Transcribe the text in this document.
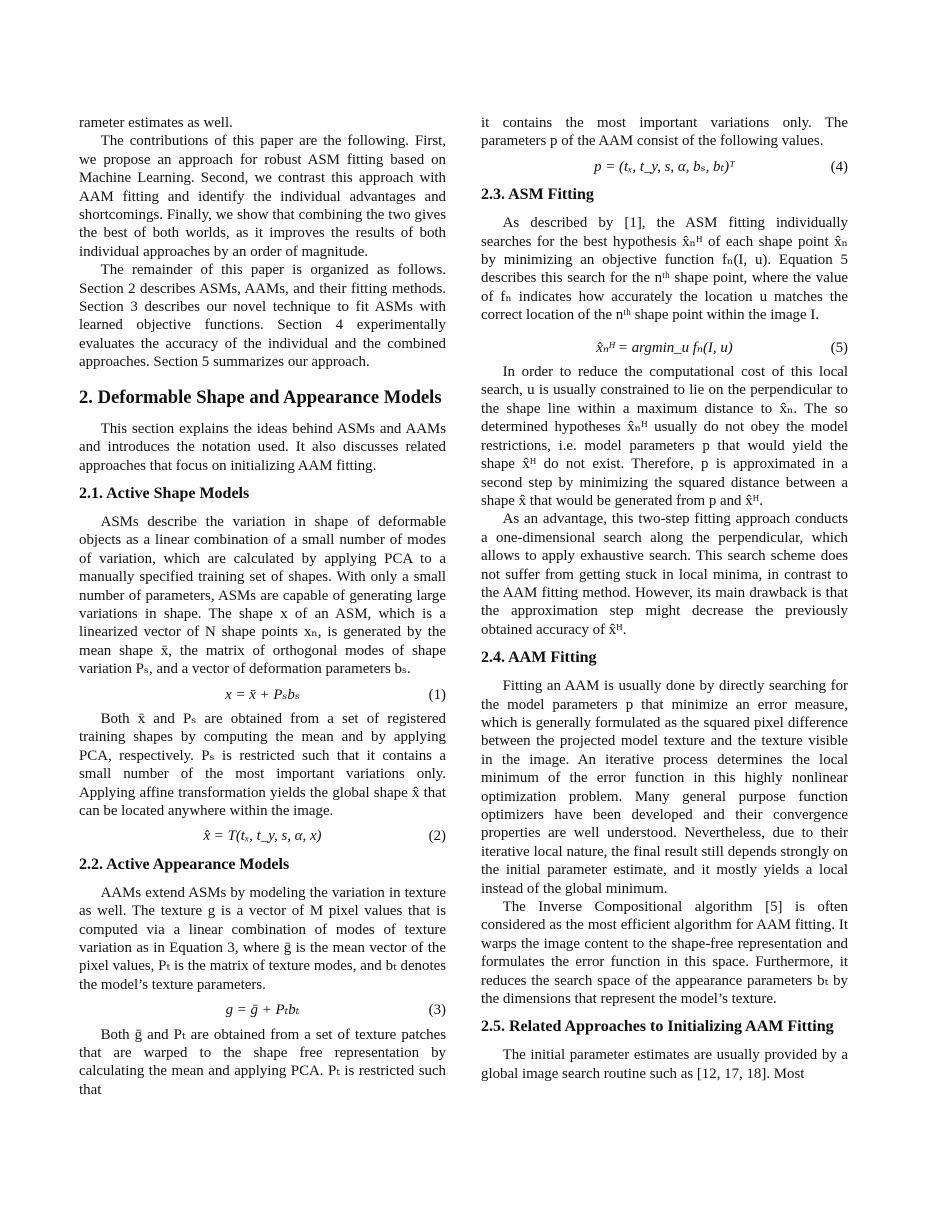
rameter estimates as well.

The contributions of this paper are the following. First, we propose an approach for robust ASM fitting based on Machine Learning. Second, we contrast this approach with AAM fitting and identify the individual advantages and shortcomings. Finally, we show that combining the two gives the best of both worlds, as it improves the results of both individual approaches by an order of magnitude.

The remainder of this paper is organized as follows. Section 2 describes ASMs, AAMs, and their fitting methods. Section 3 describes our novel technique to fit ASMs with learned objective functions. Section 4 experimentally evaluates the accuracy of the individual and the combined approaches. Section 5 summarizes our approach.

2. Deformable Shape and Appearance Models

This section explains the ideas behind ASMs and AAMs and introduces the notation used. It also discusses related approaches that focus on initializing AAM fitting.

2.1. Active Shape Models

ASMs describe the variation in shape of deformable objects as a linear combination of a small number of modes of variation, which are calculated by applying PCA to a manually specified training set of shapes. With only a small number of parameters, ASMs are capable of generating large variations in shape. The shape x of an ASM, which is a linearized vector of N shape points xₙ, is generated by the mean shape x̄, the matrix of orthogonal modes of shape variation Pₛ, and a vector of deformation parameters bₛ.

x = x̄ + Pₛbₛ	(1)

Both x̄ and Pₛ are obtained from a set of registered training shapes by computing the mean and by applying PCA, respectively. Pₛ is restricted such that it contains a small number of the most important variations only. Applying affine transformation yields the global shape x̂ that can be located anywhere within the image.

x̂ = T(tₓ, t_y, s, α, x)	(2)
2.2. Active Appearance Models

AAMs extend ASMs by modeling the variation in texture as well. The texture g is a vector of M pixel values that is computed via a linear combination of modes of texture variation as in Equation 3, where ḡ is the mean vector of the pixel values, Pₜ is the matrix of texture modes, and bₜ denotes the model’s texture parameters.

g = ḡ + Pₜbₜ	(3)

Both ḡ and Pₜ are obtained from a set of texture patches that are warped to the shape free representation by calculating the mean and applying PCA. Pₜ is restricted such that

it contains the most important variations only. The parameters p of the AAM consist of the following values.

p = (tₓ, t_y, s, α, bₛ, bₜ)ᵀ	(4)
2.3. ASM Fitting

As described by [1], the ASM fitting individually searches for the best hypothesis x̂ₙᴴ of each shape point x̂ₙ by minimizing an objective function fₙ(I, u). Equation 5 describes this search for the nᵗʰ shape point, where the value of fₙ indicates how accurately the location u matches the correct location of the nᵗʰ shape point within the image I.

x̂ₙᴴ = argmin_u fₙ(I, u)	(5)

In order to reduce the computational cost of this local search, u is usually constrained to lie on the perpendicular to the shape line within a maximum distance to x̂ₙ. The so determined hypotheses x̂ₙᴴ usually do not obey the model restrictions, i.e. model parameters p that would yield the shape x̂ᴴ do not exist. Therefore, p is approximated in a second step by minimizing the squared distance between a shape x̂ that would be generated from p and x̂ᴴ.

As an advantage, this two-step fitting approach conducts a one-dimensional search along the perpendicular, which allows to apply exhaustive search. This search scheme does not suffer from getting stuck in local minima, in contrast to the AAM fitting method. However, its main drawback is that the approximation step might decrease the previously obtained accuracy of x̂ᴴ.

2.4. AAM Fitting

Fitting an AAM is usually done by directly searching for the model parameters p that minimize an error measure, which is generally formulated as the squared pixel difference between the projected model texture and the texture visible in the image. An iterative process determines the local minimum of the error function in this highly nonlinear optimization problem. Many general purpose function optimizers have been developed and their convergence properties are well understood. Nevertheless, due to their iterative local nature, the final result still depends strongly on the initial parameter estimate, and it mostly yields a local instead of the global minimum.

The Inverse Compositional algorithm [5] is often considered as the most efficient algorithm for AAM fitting. It warps the image content to the shape-free representation and formulates the error function in this space. Furthermore, it reduces the search space of the appearance parameters bₜ by the dimensions that represent the model’s texture.

2.5. Related Approaches to Initializing AAM Fitting

The initial parameter estimates are usually provided by a global image search routine such as [12, 17, 18]. Most
